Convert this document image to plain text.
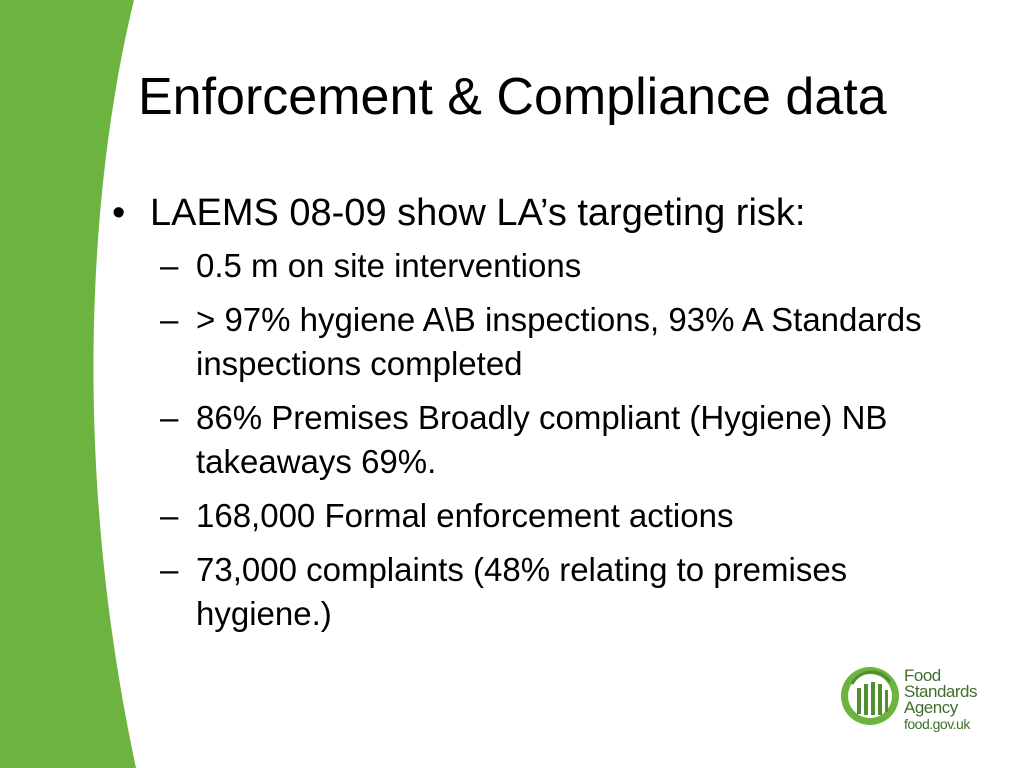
Enforcement & Compliance data
• LAEMS 08-09 show LA’s targeting risk:
– 0.5 m on site interventions
– > 97% hygiene A\B inspections, 93% A Standards inspections completed
– 86% Premises Broadly compliant (Hygiene) NB takeaways 69%.
– 168,000 Formal enforcement actions
– 73,000 complaints (48% relating to premises hygiene.)
Food
Standards
Agency
food.gov.uk
